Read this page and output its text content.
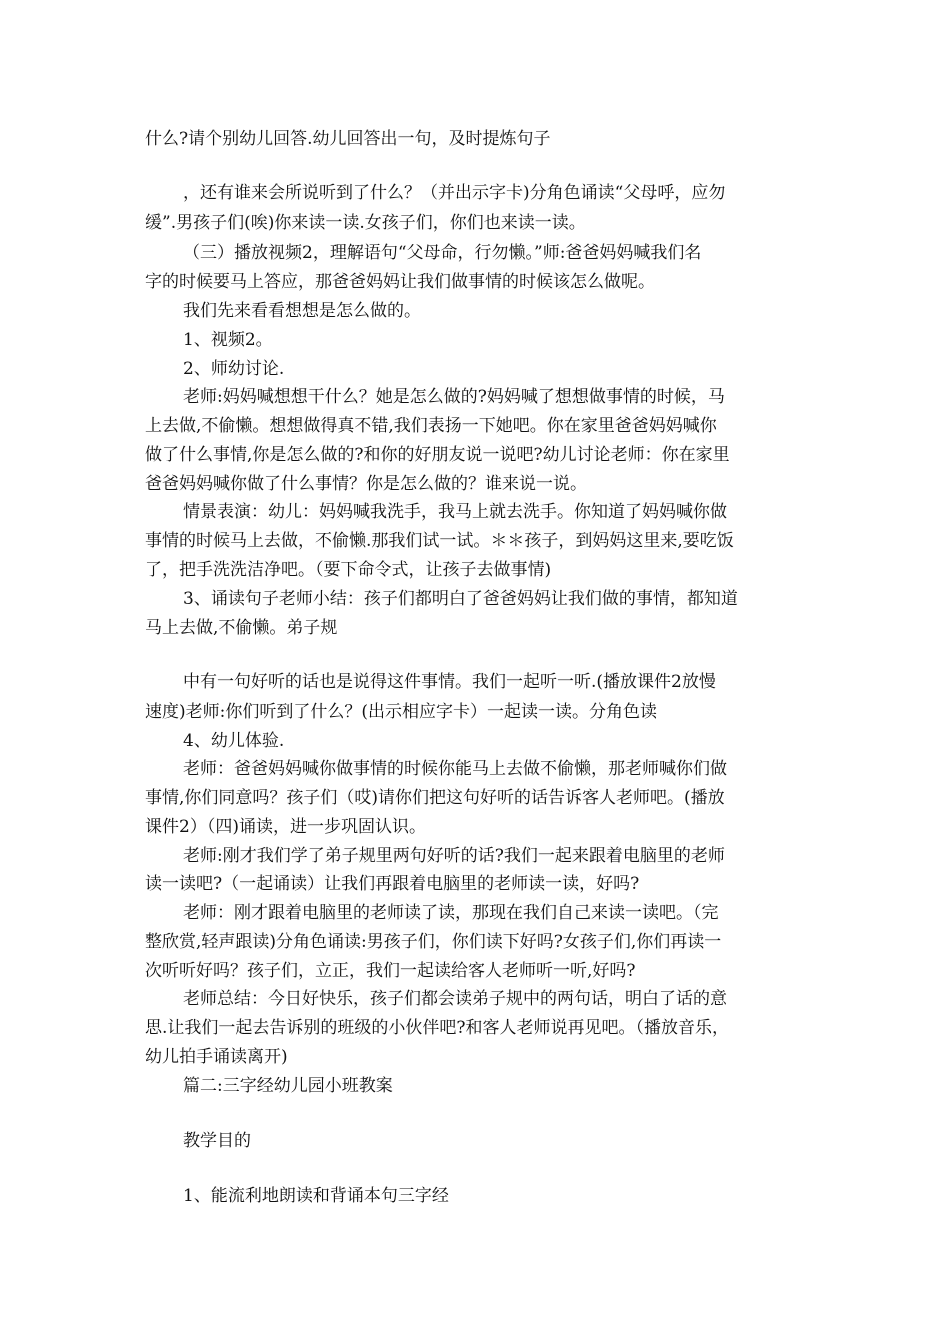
什么?请个别幼儿回答.幼儿回答出一句，及时提炼句子
，还有谁来会所说听到了什么？（并出示字卡)分角色诵读“父母呼，应勿
缓”.男孩子们(唉)你来读一读.女孩子们，你们也来读一读。
（三）播放视频2，理解语句“父母命，行勿懒。”师:爸爸妈妈喊我们名
字的时候要马上答应，那爸爸妈妈让我们做事情的时候该怎么做呢。
我们先来看看想想是怎么做的。
1、视频2。
2、师幼讨论.
老师:妈妈喊想想干什么？她是怎么做的?妈妈喊了想想做事情的时候，马
上去做,不偷懒。想想做得真不错,我们表扬一下她吧。你在家里爸爸妈妈喊你
做了什么事情,你是怎么做的?和你的好朋友说一说吧?幼儿讨论老师：你在家里
爸爸妈妈喊你做了什么事情？你是怎么做的？谁来说一说。
情景表演：幼儿：妈妈喊我洗手，我马上就去洗手。你知道了妈妈喊你做
事情的时候马上去做，不偷懒.那我们试一试。＊＊孩子，到妈妈这里来,要吃饭
了，把手洗洗洁净吧。（要下命令式，让孩子去做事情)
3、诵读句子老师小结：孩子们都明白了爸爸妈妈让我们做的事情，都知道
马上去做,不偷懒。弟子规
中有一句好听的话也是说得这件事情。我们一起听一听.(播放课件2放慢
速度)老师:你们听到了什么？(出示相应字卡）一起读一读。分角色读
4、幼儿体验.
老师：爸爸妈妈喊你做事情的时候你能马上去做不偷懒，那老师喊你们做
事情,你们同意吗？孩子们（哎)请你们把这句好听的话告诉客人老师吧。(播放
课件2）（四)诵读，进一步巩固认识。
老师:刚才我们学了弟子规里两句好听的话?我们一起来跟着电脑里的老师
读一读吧?（一起诵读）让我们再跟着电脑里的老师读一读，好吗?
老师：刚才跟着电脑里的老师读了读，那现在我们自己来读一读吧。（完
整欣赏,轻声跟读)分角色诵读:男孩子们，你们读下好吗?女孩子们,你们再读一
次听听好吗？孩子们，立正，我们一起读给客人老师听一听,好吗?
老师总结：今日好快乐，孩子们都会读弟子规中的两句话，明白了话的意
思.让我们一起去告诉别的班级的小伙伴吧?和客人老师说再见吧。（播放音乐，
幼儿拍手诵读离开)
篇二:三字经幼儿园小班教案
教学目的
1、能流利地朗读和背诵本句三字经
